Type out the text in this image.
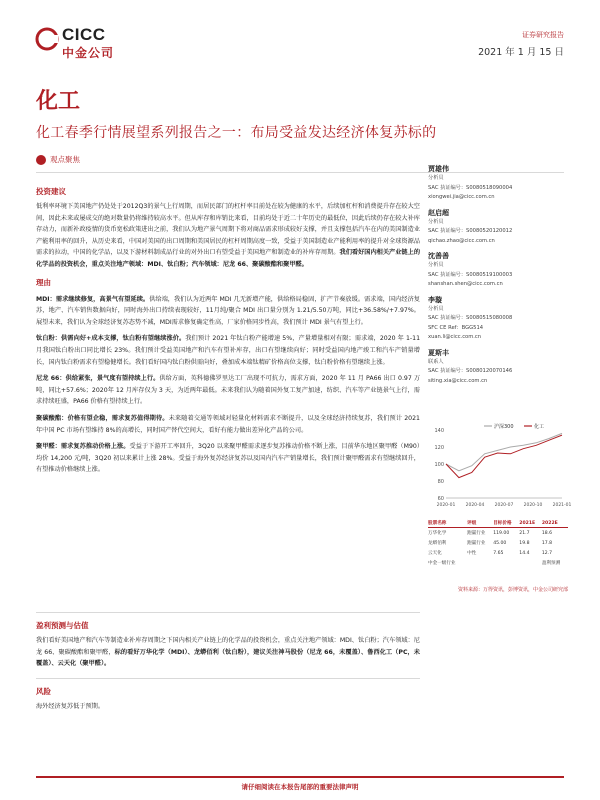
CICC
中金公司
证券研究报告
2021 年 1 月 15 日
化工
化工春季行情展望系列报告之一：布局受益发达经济体复苏标的
观点聚焦
投资建议
低利率环境下美国地产仍处处于2012Q3的景气上行周期，而居民部门的杠杆率目前处在较为健康的水平，后续加杠杆和消费提升存在较大空间，因此未来或屡成交的绝对数量仍将维持较高水平。但从库存和库销比来看，目前均处于近二十年历史的最低位，因此后续仍存在较大补库存动力，而新补政疫情的货币宽松政策进出之前，我们认为地产景气周期下将对商品需求形成较好支撑，并且支撑包括汽车在内的美国制造业产能利用率的回升，从历史来看，中国对美国的出口周期和美国居民的杠杆周期高度一致，受益于美国制造业产能利用率的提升对全球资源品需求的拉动，中国的化学品，以及下游材料制成品行业的对外出口有望受益于美国地产和制造业的补库存周期。我们看好国内相关产业链上的化学品的投资机会，重点关注地产领域：MDI、钛白粉；汽车领域：尼龙 66、聚碳酸酯和聚甲醛。
理由
MDI：需求继续修复，高景气有望延续。供给端，我们认为近两年 MDI 几无新增产能，供给格局稳固，扩产节奏放缓。需求端，国内经济复苏，地产、汽车销售数据向好，同时海外出口持续表现较好，11月纯/聚合 MDI 出口量分别为 1.21/5.50万吨，同比+36.58%/+7.97%。展望未来，我们认为全球经济复苏态势不减，MDI需求修复确定性高，厂家价格同步性高，我们预计 MDI 景气有望上行。
钛白粉：供需向好+成本支撑，钛白粉有望继续涨价。我们预计 2021 年钛白粉产能增速 5%，产量增量相对有限；需求端，2020 年 1-11 月我国钛白粉出口同比增长 23%。我们预计受益美国地产和汽车有望补库存，出口有望继续向好；同时受益国内地产竣工和汽车产销量增长，国内钛白粉需求有望稳健增长。我们看好国内钛白粉供需向好，叠加成本端钛精矿价格高位支撑，钛白粉价格有望继续上涨。
尼龙 66：供给紧张，景气度有望持续上行。供给方面，英科德佛罗里达工厂出现不可抗力，需求方面，2020 年 11 月 PA66 出口 0.97 万吨，同比+57.6%；2020年 12 月库存仅为 3 天，为近两年最低。未来我们认为随着国外复工复产加速，纺织、汽车等产业链景气上行，需求持续旺盛，PA66 价格有望持续上行。
聚碳酸酯：价格有望企稳，需求复苏值得期待。未来随着交通等领域对轻量化材料需求不断提升，以及全球经济持续复苏，我们预计 2021 年中国 PC 市场有望维持 8%的高增长，同时国产替代空间大，看好有能力做出差异化产品的公司。
聚甲醛：需求复苏推动价格上涨。受益于下游开工率回升，3Q20 以来聚甲醛需求逐步复苏推动价格不断上涨，目前华东地区聚甲醛（M90）均价 14,200 元/吨，3Q20 初以来累计上涨 28%。受益于海外复苏经济复苏以及国内汽车产销量增长，我们预计聚甲醛需求有望继续回升，有望推动价格继续上涨。
盈利预测与估值
我们看好美国地产和汽车等制造业补库存周期之下国内相关产业链上的化学品的投资机会，重点关注地产领域：MDI、钛白粉；汽车领域：尼龙 66、聚碳酸酯和聚甲醛，标的看好万华化学（MDI）、龙蟒佰利（钛白粉），建议关注神马股份（尼龙 66，未覆盖）、鲁西化工（PC，未覆盖）、云天化（聚甲醛）。
风险
海外经济复苏低于预期。
贾雄伟
分析员
SAC 执证编号：S0080518090004
xiongwei.jia@cicc.com.cn
赵启超
分析员
SAC 执证编号：S0080520120012
qichao.zhao@cicc.com.cn
沈善善
分析员
SAC 执证编号：S0080519100003
shanshan.shen@cicc.com.cn
李璇
分析员
SAC 执证编号：S0080515080008
SFC CE Ref：BGG514
xuan.li@cicc.com.cn
夏斯丰
联系人
SAC 执证编号：S0080120070146
siting.xia@cicc.com.cn
60
80
100
120
140
2020-01 2020-04 2020-07 2020-10 2021-01
沪深300	化工
股票名称	评级	目标价格	2021E	2022E
万华化学	跑赢行业	119.00	21.7	18.6
龙蟒佰利	跑赢行业	45.00	19.8	17.8
云天化	中性	7.65	14.4	12.7
中金一级行业				盈利预测
资料来源：万得资讯，彭博资讯，中金公司研究部
请仔细阅读在本报告尾部的重要法律声明
